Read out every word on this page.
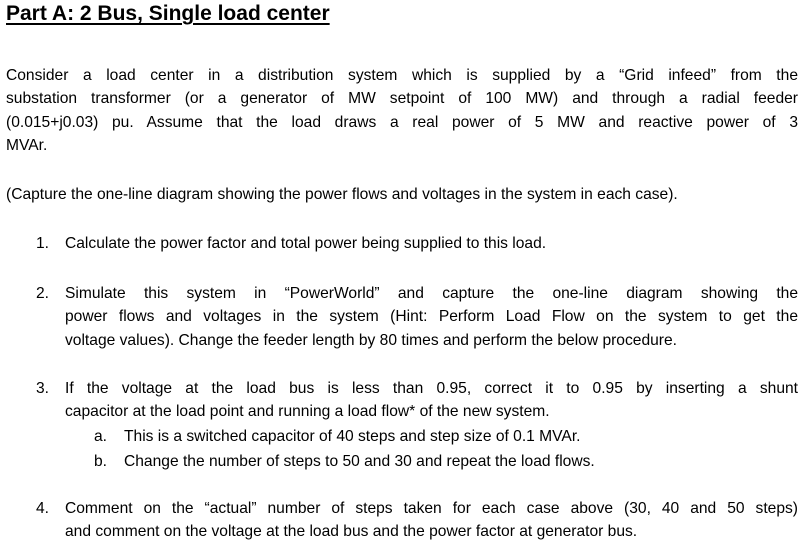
Part A: 2 Bus, Single load center
Consider a load center in a distribution system which is supplied by a “Grid infeed” from the
substation transformer (or a generator of MW setpoint of 100 MW) and through a radial feeder
(0.015+j0.03) pu. Assume that the load draws a real power of 5 MW and reactive power of 3
MVAr.
(Capture the one-line diagram showing the power flows and voltages in the system in each case).
1. Calculate the power factor and total power being supplied to this load.
2. Simulate this system in “PowerWorld” and capture the one-line diagram showing the
power flows and voltages in the system (Hint: Perform Load Flow on the system to get the
voltage values). Change the feeder length by 80 times and perform the below procedure.
3. If the voltage at the load bus is less than 0.95, correct it to 0.95 by inserting a shunt
capacitor at the load point and running a load flow* of the new system.
a. This is a switched capacitor of 40 steps and step size of 0.1 MVAr.
b. Change the number of steps to 50 and 30 and repeat the load flows.
4. Comment on the “actual” number of steps taken for each case above (30, 40 and 50 steps)
and comment on the voltage at the load bus and the power factor at generator bus.
